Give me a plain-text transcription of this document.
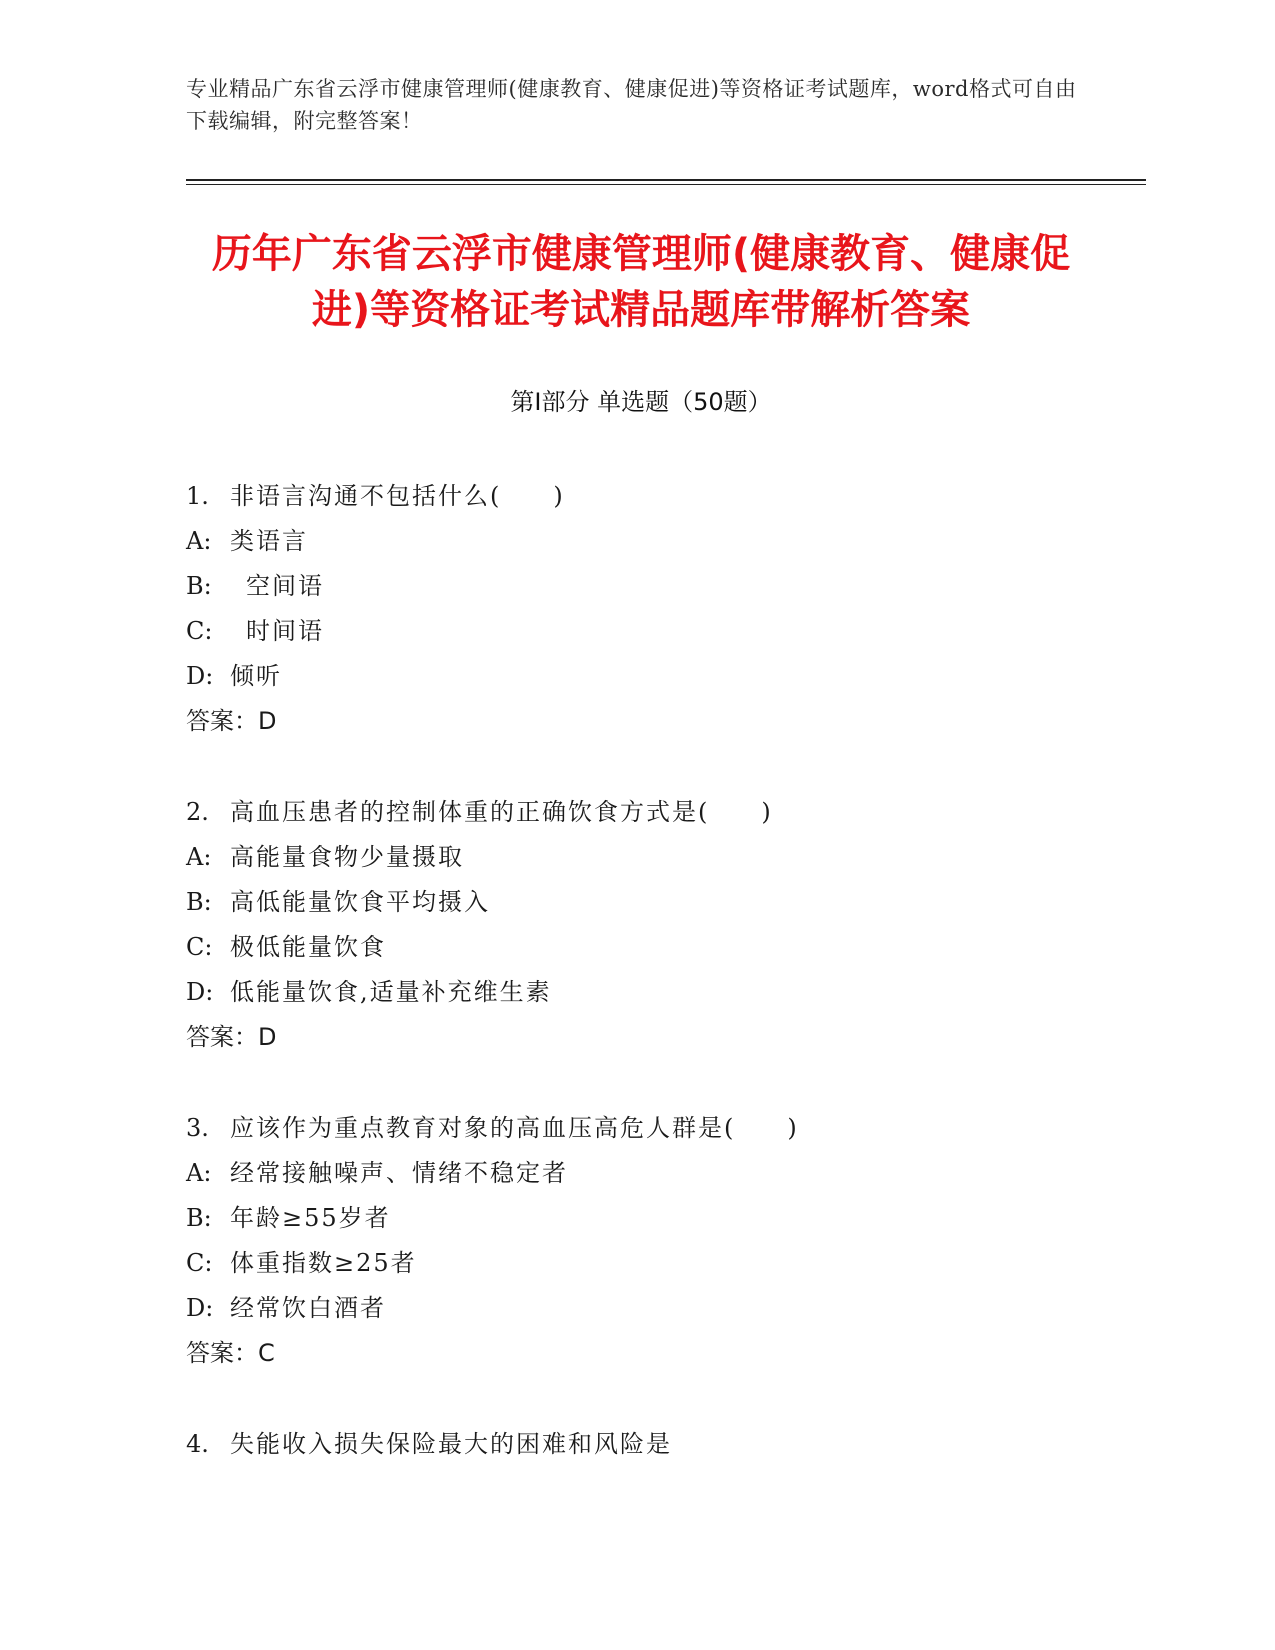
专业精品广东省云浮市健康管理师(健康教育、健康促进)等资格证考试题库，word格式可自由下载编辑，附完整答案！
历年广东省云浮市健康管理师(健康教育、健康促进)等资格证考试精品题库带解析答案
第Ⅰ部分 单选题（50题）
1. 非语言沟通不包括什么(　　)
A: 类语言
B: 空间语
C: 时间语
D: 倾听
答案：D
2. 高血压患者的控制体重的正确饮食方式是(　　)
A: 高能量食物少量摄取
B: 高低能量饮食平均摄入
C: 极低能量饮食
D: 低能量饮食,适量补充维生素
答案：D
3. 应该作为重点教育对象的高血压高危人群是(　　)
A: 经常接触噪声、情绪不稳定者
B: 年龄≥55岁者
C: 体重指数≥25者
D: 经常饮白酒者
答案：C
4. 失能收入损失保险最大的困难和风险是
